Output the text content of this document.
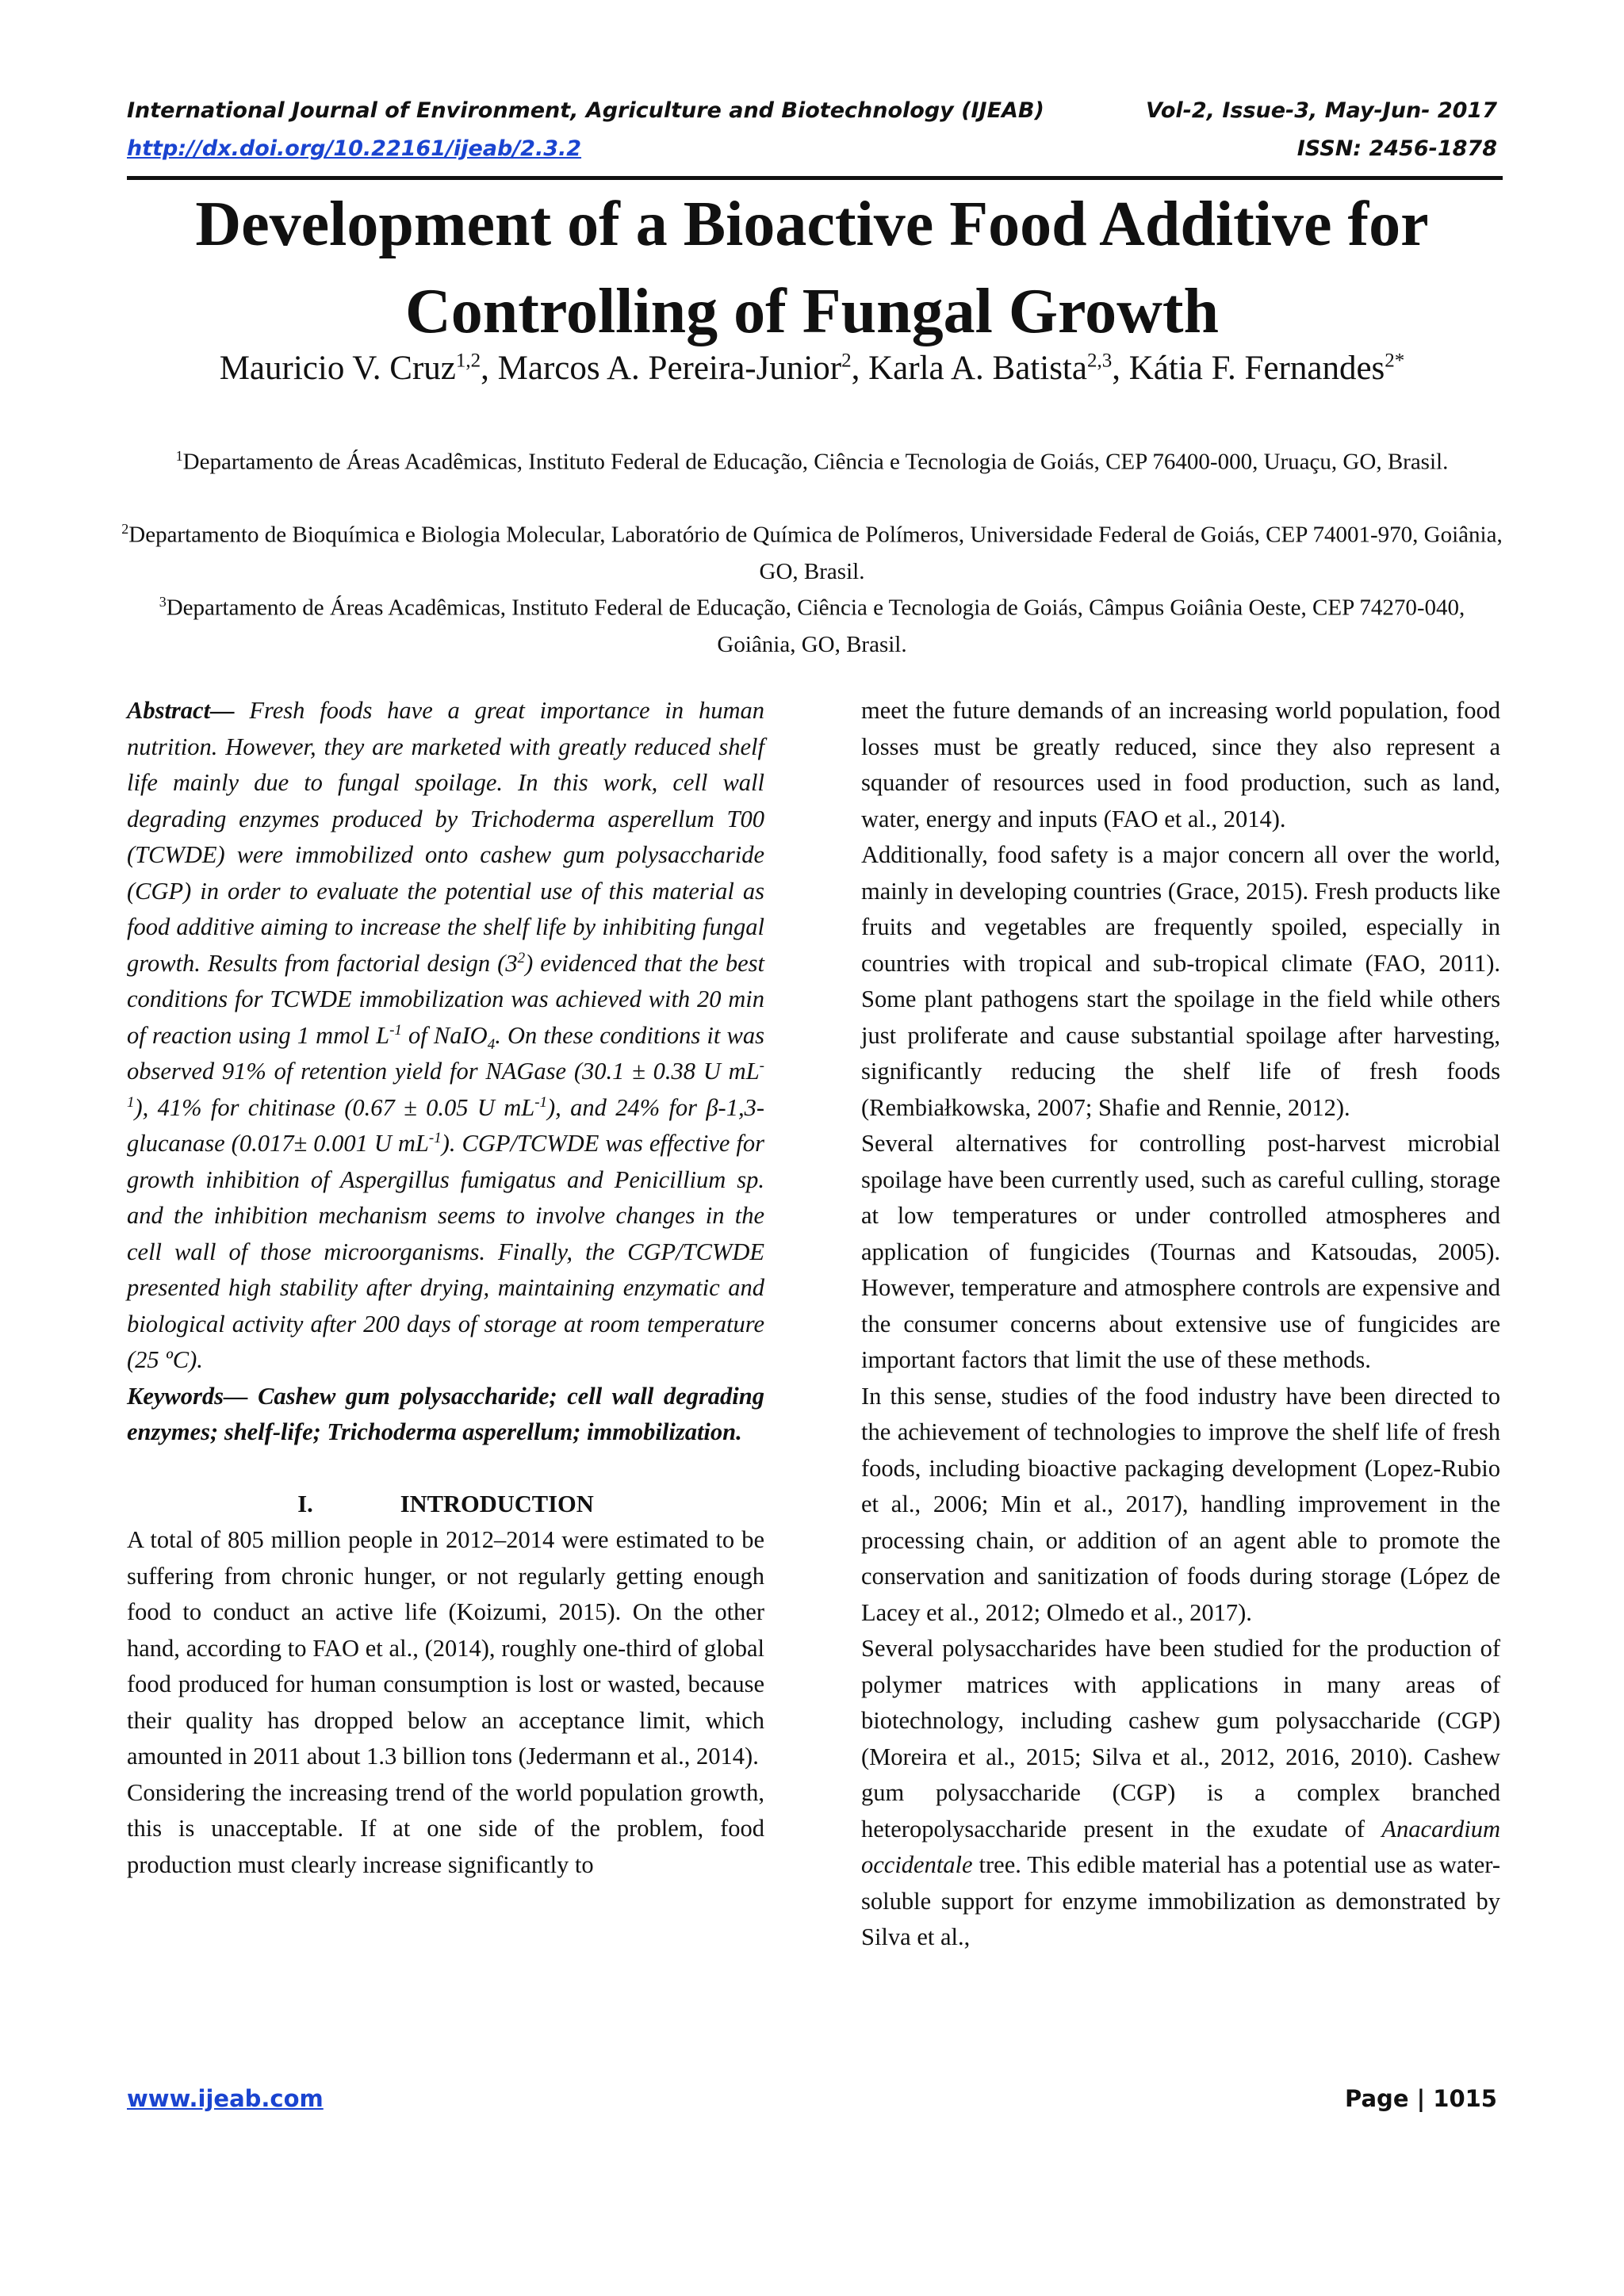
International Journal of Environment, Agriculture and Biotechnology (IJEAB)	Vol-2, Issue-3, May-Jun- 2017
http://dx.doi.org/10.22161/ijeab/2.3.2	ISSN: 2456-1878
Development of a Bioactive Food Additive for
Controlling of Fungal Growth
Mauricio V. Cruz$^{1,2}$, Marcos A. Pereira-Junior$^2$, Karla A. Batista$^{2,3}$, Kátia F. Fernandes$^{2*}$
$^1$Departamento de Áreas Acadêmicas, Instituto Federal de Educação, Ciência e Tecnologia de Goiás, CEP 76400-000, Uruaçu, GO, Brasil.
$^2$Departamento de Bioquímica e Biologia Molecular, Laboratório de Química de Polímeros, Universidade Federal de Goiás, CEP 74001-970, Goiânia, GO, Brasil.
$^3$Departamento de Áreas Acadêmicas, Instituto Federal de Educação, Ciência e Tecnologia de Goiás, Câmpus Goiânia Oeste, CEP 74270-040, Goiânia, GO, Brasil.

Abstract— Fresh foods have a great importance in human nutrition. However, they are marketed with greatly reduced shelf life mainly due to fungal spoilage. In this work, cell wall degrading enzymes produced by Trichoderma asperellum T00 (TCWDE) were immobilized onto cashew gum polysaccharide (CGP) in order to evaluate the potential use of this material as food additive aiming to increase the shelf life by inhibiting fungal growth. Results from factorial design $(3^2)$ evidenced that the best conditions for TCWDE immobilization was achieved with 20 min of reaction using 1 mmol $L^{-1}$ of NaIO$_4$. On these conditions it was observed 91% of retention yield for NAGase (30.1 ± 0.38 U $mL^{-1}$), 41% for chitinase (0.67 ± 0.05 U $mL^{-1}$), and 24% for β-1,3-glucanase (0.017± 0.001 U $mL^{-1}$). CGP/TCWDE was effective for growth inhibition of Aspergillus fumigatus and Penicillium sp. and the inhibition mechanism seems to involve changes in the cell wall of those microorganisms. Finally, the CGP/TCWDE presented high stability after drying, maintaining enzymatic and biological activity after 200 days of storage at room temperature (25 ºC).

Keywords— Cashew gum polysaccharide; cell wall degrading enzymes; shelf-life; Trichoderma asperellum; immobilization.

I.	INTRODUCTION

A total of 805 million people in 2012–2014 were estimated to be suffering from chronic hunger, or not regularly getting enough food to conduct an active life (Koizumi, 2015). On the other hand, according to FAO et al., (2014), roughly one-third of global food produced for human consumption is lost or wasted, because their quality has dropped below an acceptance limit, which amounted in 2011 about 1.3 billion tons (Jedermann et al., 2014).

Considering the increasing trend of the world population growth, this is unacceptable. If at one side of the problem, food production must clearly increase significantly to

meet the future demands of an increasing world population, food losses must be greatly reduced, since they also represent a squander of resources used in food production, such as land, water, energy and inputs (FAO et al., 2014).

Additionally, food safety is a major concern all over the world, mainly in developing countries (Grace, 2015). Fresh products like fruits and vegetables are frequently spoiled, especially in countries with tropical and sub-tropical climate (FAO, 2011). Some plant pathogens start the spoilage in the field while others just proliferate and cause substantial spoilage after harvesting, significantly reducing the shelf life of fresh foods (Rembiałkowska, 2007; Shafie and Rennie, 2012).

Several alternatives for controlling post-harvest microbial spoilage have been currently used, such as careful culling, storage at low temperatures or under controlled atmospheres and application of fungicides (Tournas and Katsoudas, 2005). However, temperature and atmosphere controls are expensive and the consumer concerns about extensive use of fungicides are important factors that limit the use of these methods.

In this sense, studies of the food industry have been directed to the achievement of technologies to improve the shelf life of fresh foods, including bioactive packaging development (Lopez-Rubio et al., 2006; Min et al., 2017), handling improvement in the processing chain, or addition of an agent able to promote the conservation and sanitization of foods during storage (López de Lacey et al., 2012; Olmedo et al., 2017).

Several polysaccharides have been studied for the production of polymer matrices with applications in many areas of biotechnology, including cashew gum polysaccharide (CGP) (Moreira et al., 2015; Silva et al., 2012, 2016, 2010). Cashew gum polysaccharide (CGP) is a complex branched heteropolysaccharide present in the exudate of Anacardium occidentale tree. This edible material has a potential use as water-soluble support for enzyme immobilization as demonstrated by Silva et al.,

www.ijeab.com	Page | 1015
